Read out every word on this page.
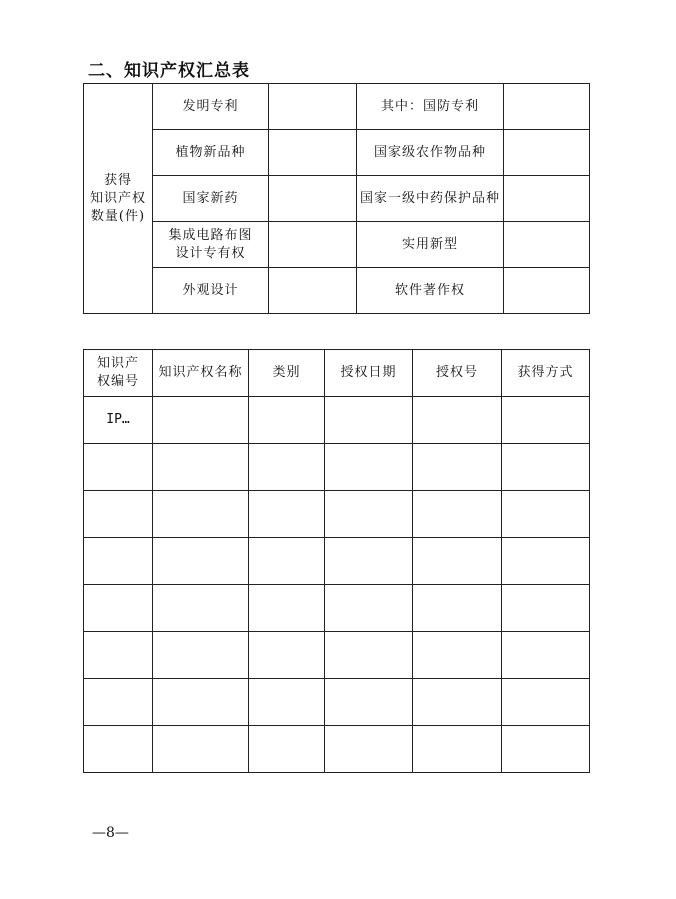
二、知识产权汇总表
获得
知识产权
数量(件)	发明专利		其中：国防专利	
	植物新品种		国家级农作物品种	
	国家新药		国家一级中药保护品种	

	集成电路布图
设计专有权		实用新型	
	外观设计		软件著作权	
知识产
权编号	知识产权名称	类别	授权日期	授权号	获得方式
IP…					

—8—
